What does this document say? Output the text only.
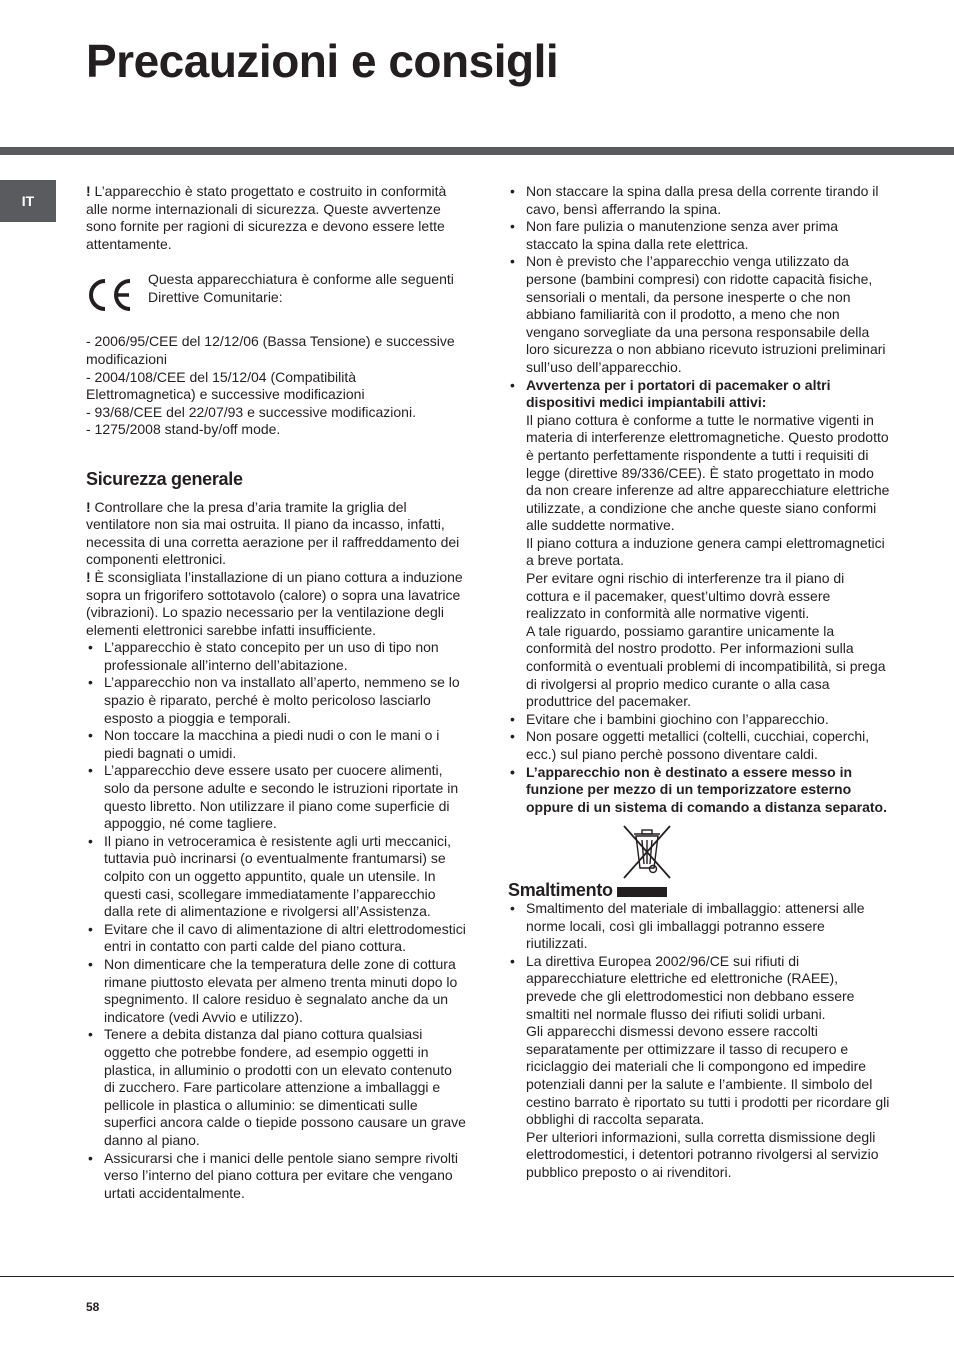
Precauzioni e consigli
IT

! L’apparecchio è stato progettato e costruito in conformità alle norme internazionali di sicurezza. Queste avvertenze sono fornite per ragioni di sicurezza e devono essere lette attentamente.

Questa apparecchiatura è conforme alle seguenti Direttive Comunitarie:

- 2006/95/CEE del 12/12/06 (Bassa Tensione) e successive modificazioni

- 2004/108/CEE del 15/12/04 (Compatibilità Elettromagnetica) e successive modificazioni

- 93/68/CEE del 22/07/93 e successive modificazioni.

- 1275/2008 stand-by/off mode.

Sicurezza generale

! Controllare che la presa d’aria tramite la griglia del ventilatore non sia mai ostruita. Il piano da incasso, infatti, necessita di una corretta aerazione per il raffreddamento dei componenti elettronici.

! È sconsigliata l’installazione di un piano cottura a induzione sopra un frigorifero sottotavolo (calore) o sopra una lavatrice (vibrazioni). Lo spazio necessario per la ventilazione degli elementi elettronici sarebbe infatti insufficiente.

• L’apparecchio è stato concepito per un uso di tipo non professionale all’interno dell’abitazione.
• L’apparecchio non va installato all’aperto, nemmeno se lo spazio è riparato, perché è molto pericoloso lasciarlo esposto a pioggia e temporali.
• Non toccare la macchina a piedi nudi o con le mani o i piedi bagnati o umidi.
• L’apparecchio deve essere usato per cuocere alimenti, solo da persone adulte e secondo le istruzioni riportate in questo libretto. Non utilizzare il piano come superficie di appoggio, né come tagliere.
• Il piano in vetroceramica è resistente agli urti meccanici, tuttavia può incrinarsi (o eventualmente frantumarsi) se colpito con un oggetto appuntito, quale un utensile. In questi casi, scollegare immediatamente l’apparecchio dalla rete di alimentazione e rivolgersi all’Assistenza.
• Evitare che il cavo di alimentazione di altri elettrodomestici entri in contatto con parti calde del piano cottura.
• Non dimenticare che la temperatura delle zone di cottura rimane piuttosto elevata per almeno trenta minuti dopo lo spegnimento. Il calore residuo è segnalato anche da un indicatore (vedi Avvio e utilizzo).
• Tenere a debita distanza dal piano cottura qualsiasi oggetto che potrebbe fondere, ad esempio oggetti in plastica, in alluminio o prodotti con un elevato contenuto di zucchero. Fare particolare attenzione a imballaggi e pellicole in plastica o alluminio: se dimenticati sulle superfici ancora calde o tiepide possono causare un grave danno al piano.
• Assicurarsi che i manici delle pentole siano sempre rivolti verso l’interno del piano cottura per evitare che vengano urtati accidentalmente.
• Non staccare la spina dalla presa della corrente tirando il cavo, bensì afferrando la spina.
• Non fare pulizia o manutenzione senza aver prima staccato la spina dalla rete elettrica.
• Non è previsto che l’apparecchio venga utilizzato da persone (bambini compresi) con ridotte capacità fisiche, sensoriali o mentali, da persone inesperte o che non abbiano familiarità con il prodotto, a meno che non vengano sorvegliate da una persona responsabile della loro sicurezza o non abbiano ricevuto istruzioni preliminari sull’uso dell’apparecchio.

• Avvertenza per i portatori di pacemaker o altri dispositivi medici impiantabili attivi:

Il piano cottura è conforme a tutte le normative vigenti in materia di interferenze elettromagnetiche. Questo prodotto è pertanto perfettamente rispondente a tutti i requisiti di legge (direttive 89/336/CEE). È stato progettato in modo da non creare inferenze ad altre apparecchiature elettriche utilizzate, a condizione che anche queste siano conformi alle suddette normative.

Il piano cottura a induzione genera campi elettromagnetici a breve portata.

Per evitare ogni rischio di interferenze tra il piano di cottura e il pacemaker, quest’ultimo dovrà essere realizzato in conformità alle normative vigenti.

A tale riguardo, possiamo garantire unicamente la conformità del nostro prodotto. Per informazioni sulla conformità o eventuali problemi di incompatibilità, si prega di rivolgersi al proprio medico curante o alla casa produttrice del pacemaker.

• Evitare che i bambini giochino con l’apparecchio.
• Non posare oggetti metallici (coltelli, cucchiai, coperchi, ecc.) sul piano perchè possono diventare caldi.
• L’apparecchio non è destinato a essere messo in funzione per mezzo di un temporizzatore esterno oppure di un sistema di comando a distanza separato.
Smaltimento
• Smaltimento del materiale di imballaggio: attenersi alle norme locali, così gli imballaggi potranno essere riutilizzati.

• La direttiva Europea 2002/96/CE sui rifiuti di apparecchiature elettriche ed elettroniche (RAEE), prevede che gli elettrodomestici non debbano essere smaltiti nel normale flusso dei rifiuti solidi urbani.

Gli apparecchi dismessi devono essere raccolti separatamente per ottimizzare il tasso di recupero e riciclaggio dei materiali che li compongono ed impedire potenziali danni per la salute e l’ambiente. Il simbolo del cestino barrato è riportato su tutti i prodotti per ricordare gli obblighi di raccolta separata.

Per ulteriori informazioni, sulla corretta dismissione degli elettrodomestici, i detentori potranno rivolgersi al servizio pubblico preposto o ai rivenditori.

58
